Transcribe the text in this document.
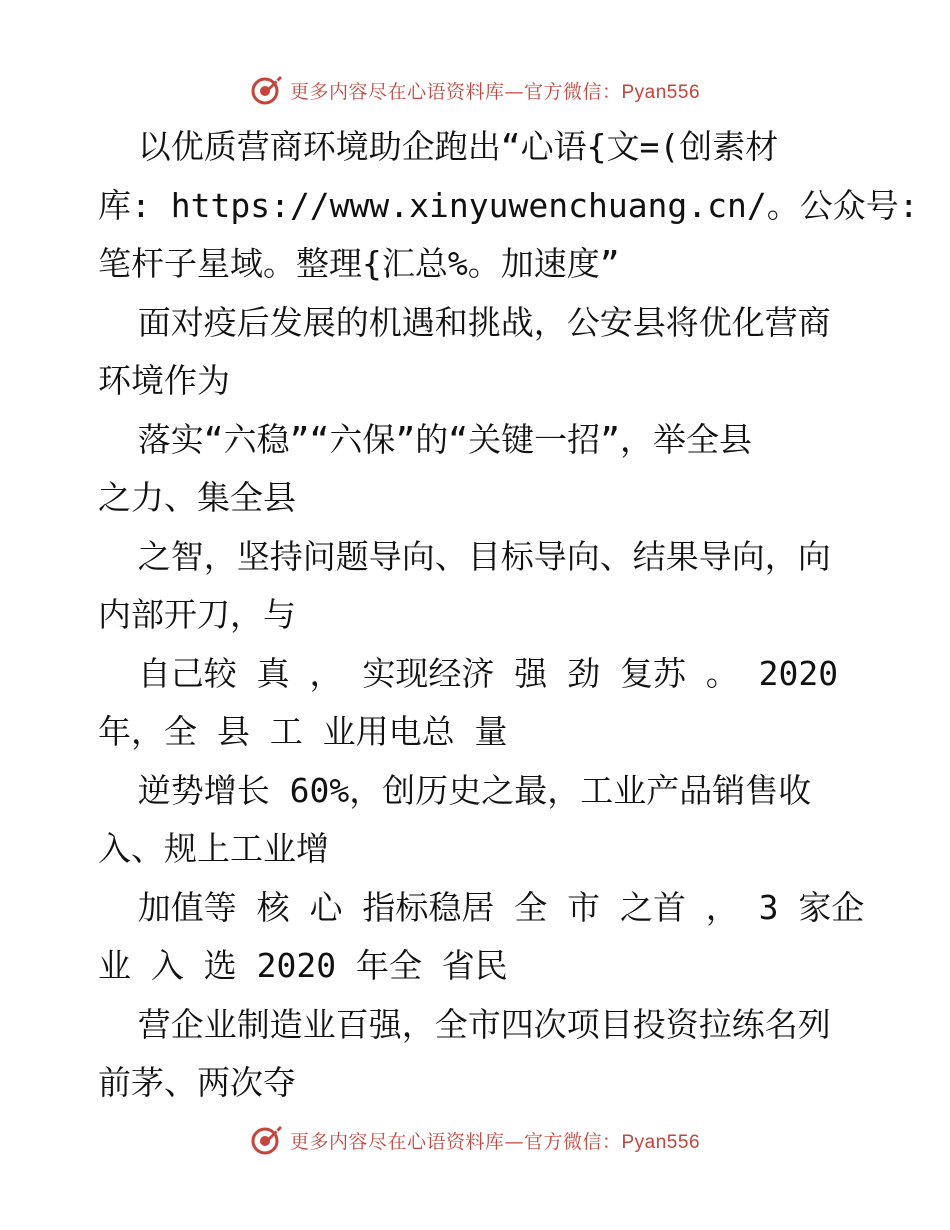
更多内容尽在心语资料库—官方微信：Pyan556

以优质营商环境助企跑出“心语{文=(创素材

库: https://www.xinyuwenchuang.cn/。公众号:

笔杆子星域。整理{汇总%。加速度”

面对疫后发展的机遇和挑战，公安县将优化营商

环境作为

落实“六稳”“六保”的“关键一招”，举全县

之力、集全县

之智，坚持问题导向、目标导向、结果导向，向

内部开刀，与

自己较 真 ， 实现经济 强 劲 复苏 。 2020

年，全 县 工 业用电总 量

逆势增长 60%，创历史之最，工业产品销售收

入、规上工业增

加值等 核 心 指标稳居 全 市 之首 ， 3 家企

业 入 选 2020 年全 省民

营企业制造业百强，全市四次项目投资拉练名列

前茅、两次夺

更多内容尽在心语资料库—官方微信：Pyan556
